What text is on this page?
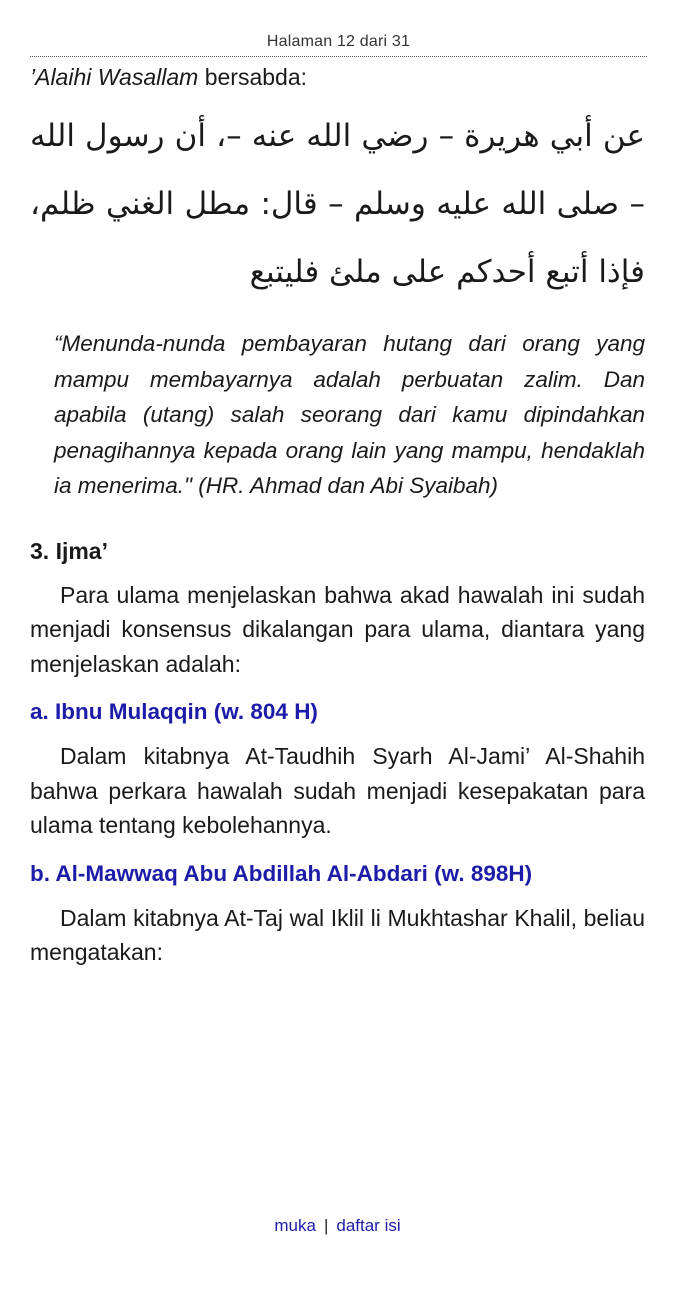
Halaman 12 dari 31

’Alaihi Wasallam bersabda:

عن أبي هريرة – رضي الله عنه –، أن رسول الله – صلى الله عليه وسلم – قال: مطل الغني ظلم، فإذا أتبع أحدكم على ملئ فليتبع

“Menunda-nunda pembayaran hutang dari orang yang mampu membayarnya adalah perbuatan zalim. Dan apabila (utang) salah seorang dari kamu dipindahkan penagihannya kepada orang lain yang mampu, hendaklah ia menerima." (HR. Ahmad dan Abi Syaibah)

3. Ijma’

Para ulama menjelaskan bahwa akad hawalah ini sudah menjadi konsensus dikalangan para ulama, diantara yang menjelaskan adalah:

a. Ibnu Mulaqqin (w. 804 H)

Dalam kitabnya At-Taudhih Syarh Al-Jami’ Al-Shahih bahwa perkara hawalah sudah menjadi kesepakatan para ulama tentang kebolehannya.

b. Al-Mawwaq Abu Abdillah Al-Abdari (w. 898H)

Dalam kitabnya At-Taj wal Iklil li Mukhtashar Khalil, beliau mengatakan:

muka | daftar isi
